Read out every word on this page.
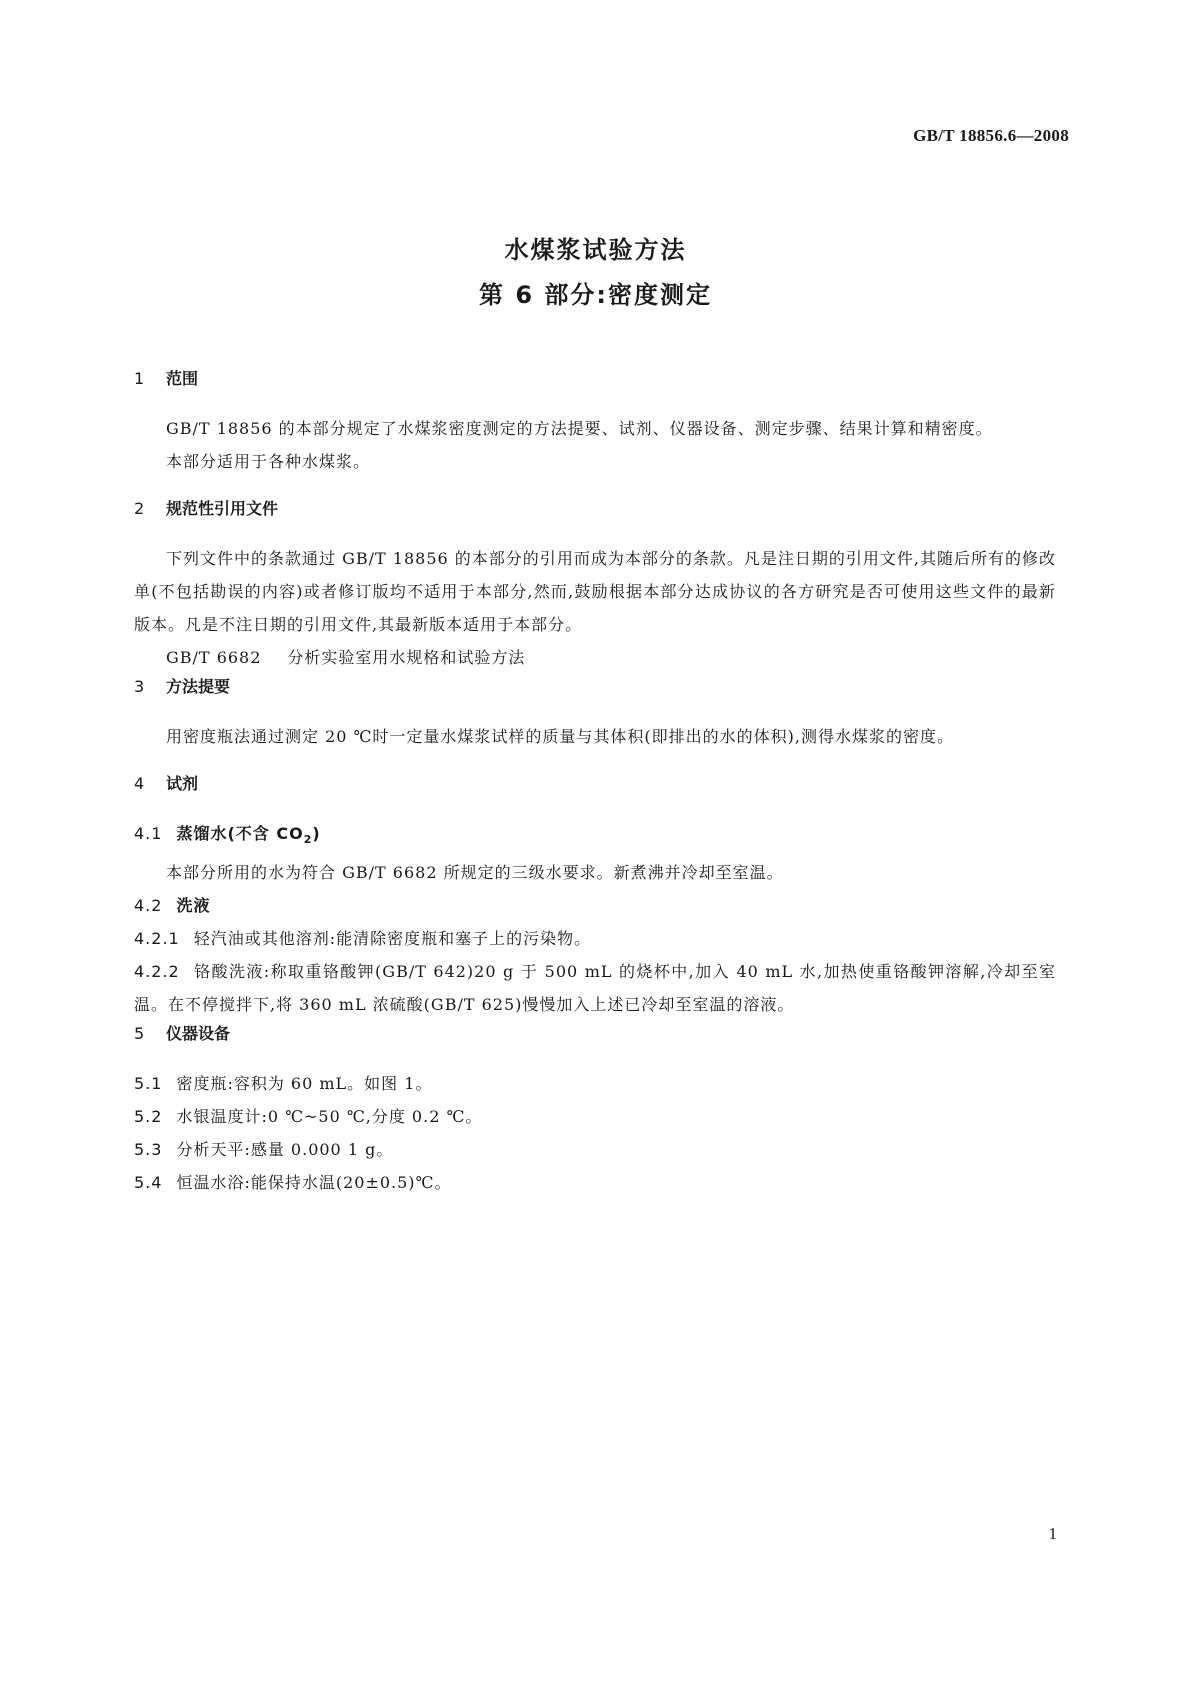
GB/T 18856.6—2008
水煤浆试验方法
第 6 部分:密度测定
1 范围

GB/T 18856 的本部分规定了水煤浆密度测定的方法提要、试剂、仪器设备、测定步骤、结果计算和精密度。

本部分适用于各种水煤浆。

2 规范性引用文件

下列文件中的条款通过 GB/T 18856 的本部分的引用而成为本部分的条款。凡是注日期的引用文件,其随后所有的修改单(不包括勘误的内容)或者修订版均不适用于本部分,然而,鼓励根据本部分达成协议的各方研究是否可使用这些文件的最新版本。凡是不注日期的引用文件,其最新版本适用于本部分。

GB/T 6682 分析实验室用水规格和试验方法

3 方法提要

用密度瓶法通过测定 20 ℃时一定量水煤浆试样的质量与其体积(即排出的水的体积),测得水煤浆的密度。

4 试剂

4.1 蒸馏水(不含 $CO_2$)

本部分所用的水为符合 GB/T 6682 所规定的三级水要求。新煮沸并冷却至室温。

4.2 洗液

4.2.1 轻汽油或其他溶剂:能清除密度瓶和塞子上的污染物。

4.2.2 铬酸洗液:称取重铬酸钾(GB/T 642)20 g 于 500 mL 的烧杯中,加入 40 mL 水,加热使重铬酸钾溶解,冷却至室温。在不停搅拌下,将 360 mL 浓硫酸(GB/T 625)慢慢加入上述已冷却至室温的溶液。

5 仪器设备

5.1 密度瓶:容积为 60 mL。如图 1。

5.2 水银温度计:0 ℃~50 ℃,分度 0.2 ℃。

5.3 分析天平:感量 0.000 1 g。

5.4 恒温水浴:能保持水温(20±0.5)℃。

1
